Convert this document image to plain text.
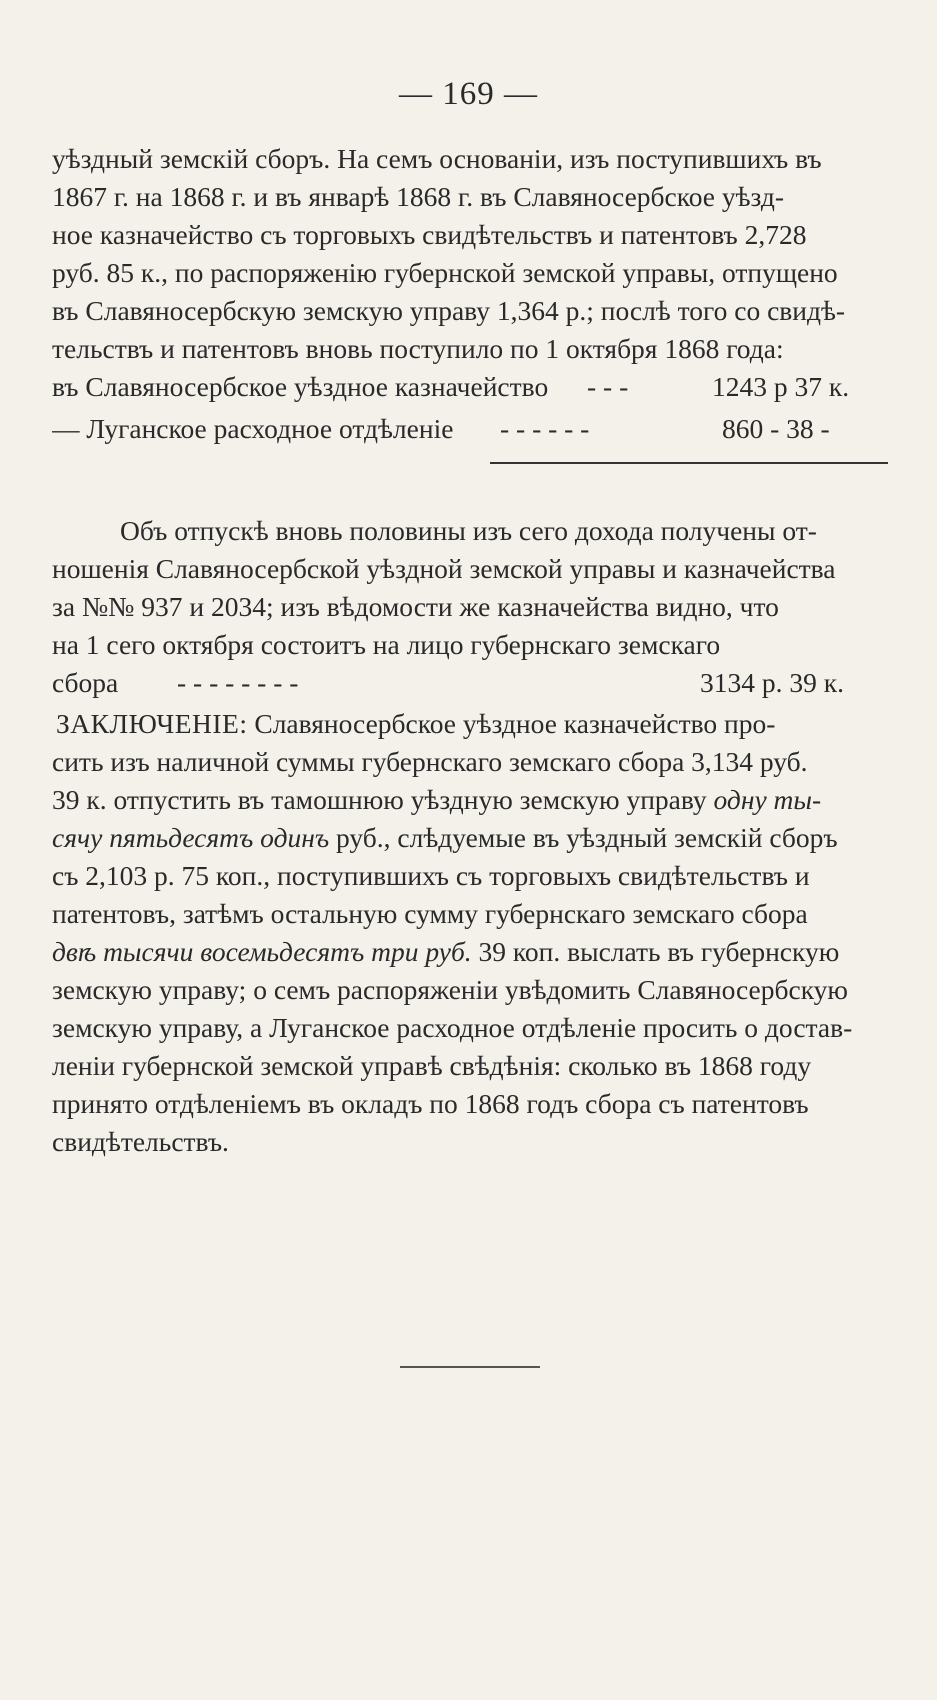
— 169 —
уѣздный земскій сборъ. На семъ основаніи, изъ поступившихъ въ
1867 г. на 1868 г. и въ январѣ 1868 г. въ Славяносербское уѣзд-
ное казначейство съ торговыхъ свидѣтельствъ и патентовъ 2,728
руб. 85 к., по распоряженію губернской земской управы, отпущено
въ Славяносербскую земскую управу 1,364 р.; послѣ того со свидѣ-
тельствъ и патентовъ вновь поступило по 1 октября 1868 года:
въ Славяносербское уѣздное казначейство - - -	1243 р 37 к.
— Луганское расходное отдѣленіе - - - - - -	860 - 38 -
Объ отпускѣ вновь половины изъ сего дохода получены от-
ношенія Славяносербской уѣздной земской управы и казначейства
за №№ 937 и 2034; изъ вѣдомости же казначейства видно, что
на 1 сего октября состоитъ на лицо губернскаго земскаго
сбора - - - - - - - -	3134 р. 39 к.
ЗАКЛЮЧЕНІЕ: Славяносербское уѣздное казначейство про-
сить изъ наличной суммы губернскаго земскаго сбора 3,134 руб.
39 к. отпустить въ тамошнюю уѣздную земскую управу одну ты-
сячу пятьдесятъ одинъ руб., слѣдуемые въ уѣздный земскій сборъ
съ 2,103 р. 75 коп., поступившихъ съ торговыхъ свидѣтельствъ и
патентовъ, затѣмъ остальную сумму губернскаго земскаго сбора
двѣ тысячи восемьдесятъ три руб. 39 коп. выслать въ губернскую
земскую управу; о семъ распоряженіи увѣдомить Славяносербскую
земскую управу, а Луганское расходное отдѣленіе просить о достав-
леніи губернской земской управѣ свѣдѣнія: сколько въ 1868 году
принято отдѣленіемъ въ окладъ по 1868 годъ сбора съ патентовъ
свидѣтельствъ.
